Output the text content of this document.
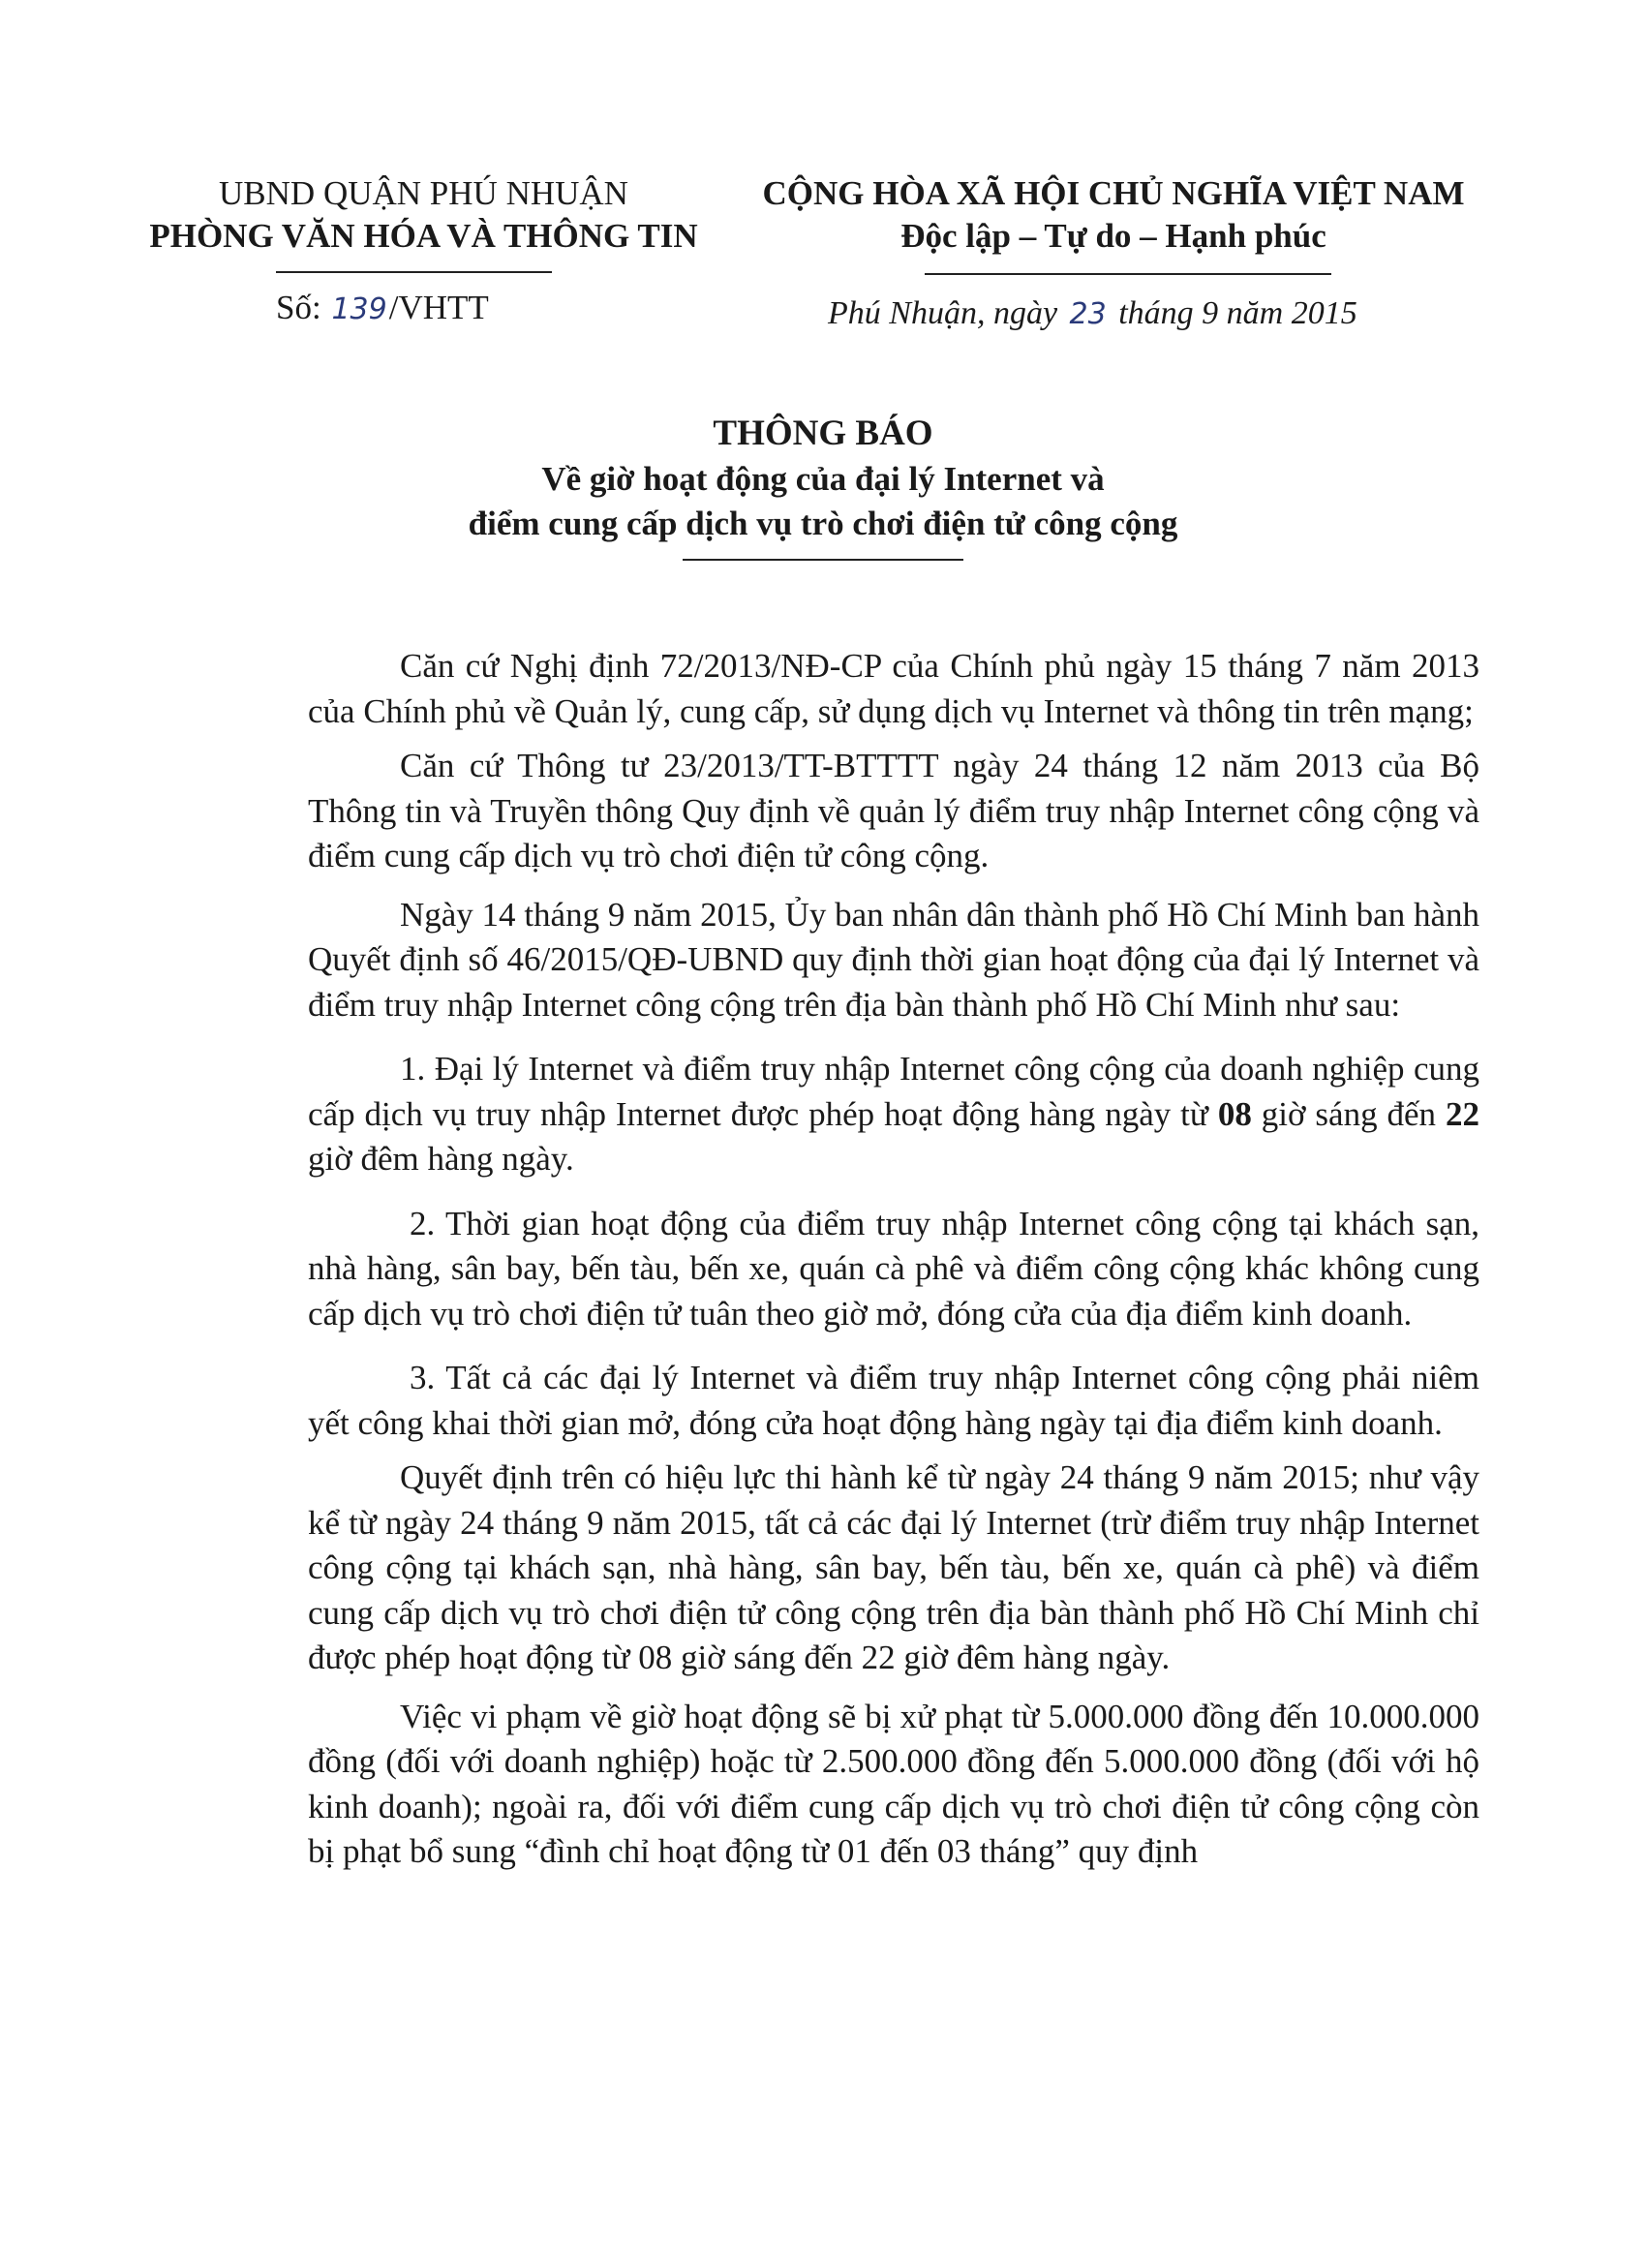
UBND QUẬN PHÚ NHUẬN

PHÒNG VĂN HÓA VÀ THÔNG TIN

CỘNG HÒA XÃ HỘI CHỦ NGHĨA VIỆT NAM

Độc lập – Tự do – Hạnh phúc

Số: 139/VHTT	Phú Nhuận, ngày 23 tháng 9 năm 2015

THÔNG BÁO

Về giờ hoạt động của đại lý Internet và

điểm cung cấp dịch vụ trò chơi điện tử công cộng

Căn cứ Nghị định 72/2013/NĐ-CP của Chính phủ ngày 15 tháng 7 năm 2013 của Chính phủ về Quản lý, cung cấp, sử dụng dịch vụ Internet và thông tin trên mạng;

Căn cứ Thông tư 23/2013/TT-BTTTT ngày 24 tháng 12 năm 2013 của Bộ Thông tin và Truyền thông Quy định về quản lý điểm truy nhập Internet công cộng và điểm cung cấp dịch vụ trò chơi điện tử công cộng.

Ngày 14 tháng 9 năm 2015, Ủy ban nhân dân thành phố Hồ Chí Minh ban hành Quyết định số 46/2015/QĐ-UBND quy định thời gian hoạt động của đại lý Internet và điểm truy nhập Internet công cộng trên địa bàn thành phố Hồ Chí Minh như sau:

1. Đại lý Internet và điểm truy nhập Internet công cộng của doanh nghiệp cung cấp dịch vụ truy nhập Internet được phép hoạt động hàng ngày từ 08 giờ sáng đến 22 giờ đêm hàng ngày.

2. Thời gian hoạt động của điểm truy nhập Internet công cộng tại khách sạn, nhà hàng, sân bay, bến tàu, bến xe, quán cà phê và điểm công cộng khác không cung cấp dịch vụ trò chơi điện tử tuân theo giờ mở, đóng cửa của địa điểm kinh doanh.

3. Tất cả các đại lý Internet và điểm truy nhập Internet công cộng phải niêm yết công khai thời gian mở, đóng cửa hoạt động hàng ngày tại địa điểm kinh doanh.

Quyết định trên có hiệu lực thi hành kể từ ngày 24 tháng 9 năm 2015; như vậy kể từ ngày 24 tháng 9 năm 2015, tất cả các đại lý Internet (trừ điểm truy nhập Internet công cộng tại khách sạn, nhà hàng, sân bay, bến tàu, bến xe, quán cà phê) và điểm cung cấp dịch vụ trò chơi điện tử công cộng trên địa bàn thành phố Hồ Chí Minh chỉ được phép hoạt động từ 08 giờ sáng đến 22 giờ đêm hàng ngày.

Việc vi phạm về giờ hoạt động sẽ bị xử phạt từ 5.000.000 đồng đến 10.000.000 đồng (đối với doanh nghiệp) hoặc từ 2.500.000 đồng đến 5.000.000 đồng (đối với hộ kinh doanh); ngoài ra, đối với điểm cung cấp dịch vụ trò chơi điện tử công cộng còn bị phạt bổ sung “đình chỉ hoạt động từ 01 đến 03 tháng” quy định
